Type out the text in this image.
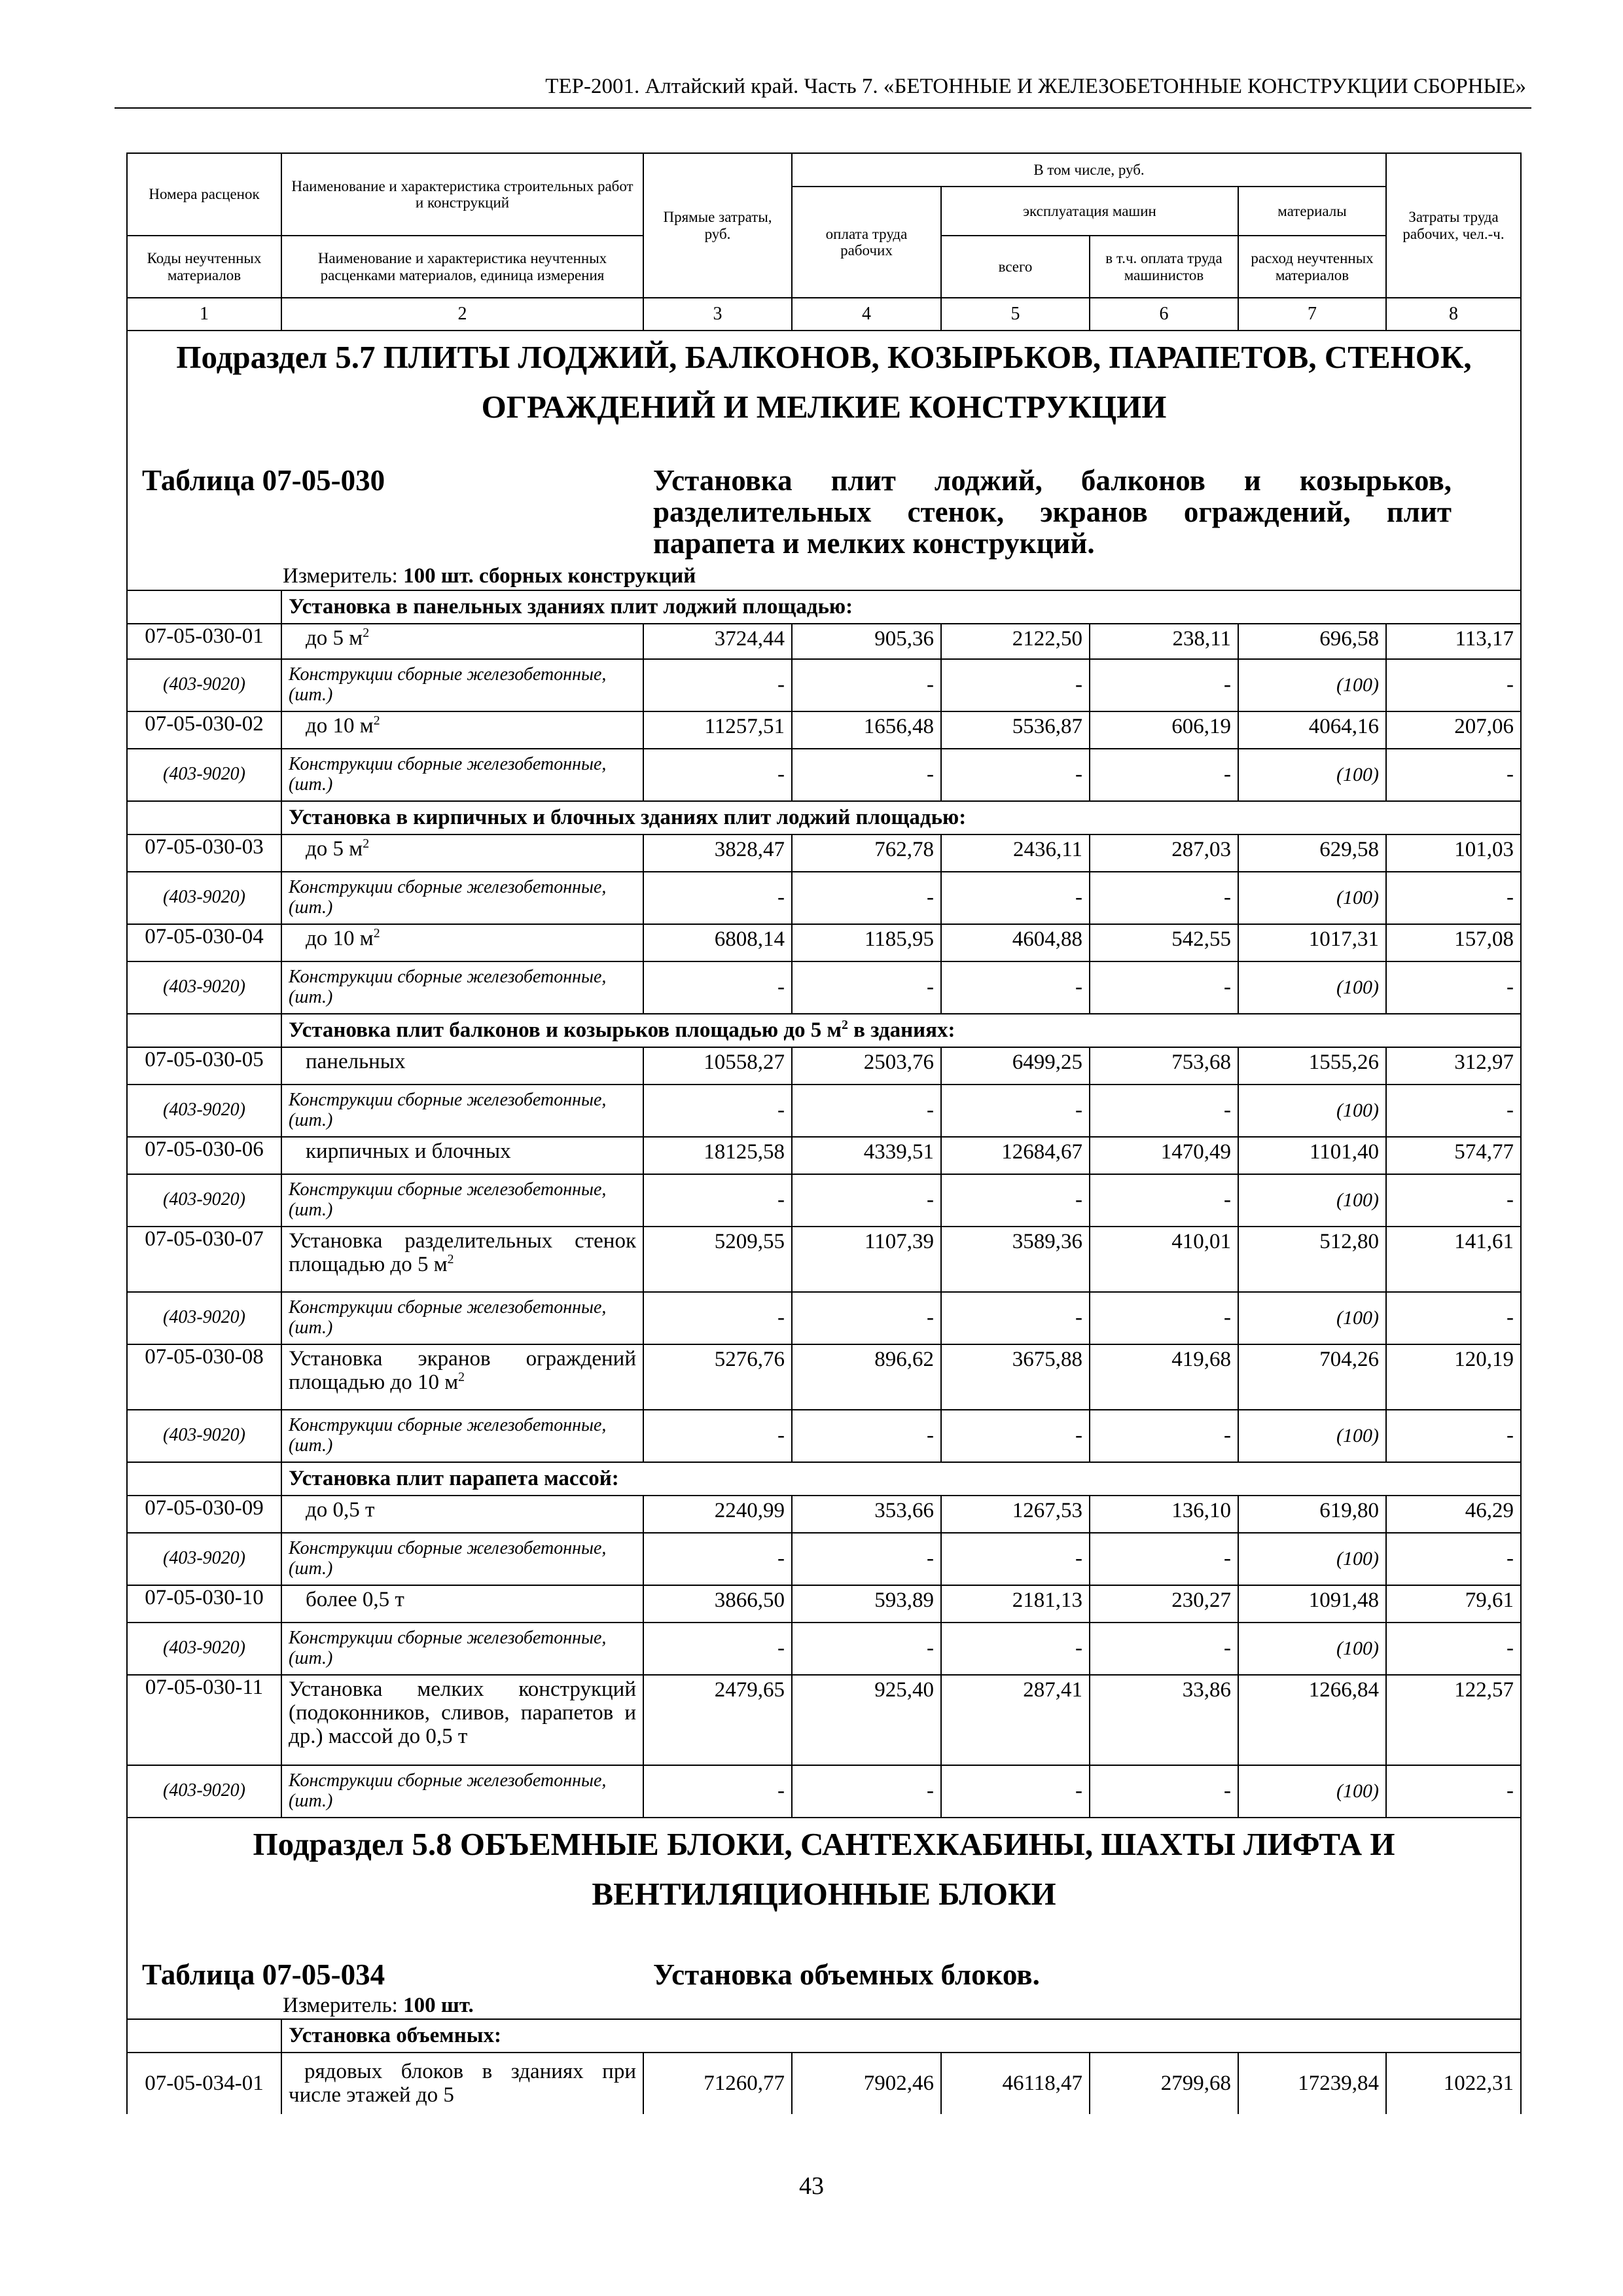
ТЕР-2001. Алтайский край. Часть 7. «БЕТОННЫЕ И ЖЕЛЕЗОБЕТОННЫЕ КОНСТРУКЦИИ СБОРНЫЕ»
Номера расценок	Наименование и характеристика строительных работ и конструкций	Прямые затраты, руб.	В том числе, руб.				Затраты труда рабочих, чел.-ч.
			оплата труда рабочих	эксплуатация машин		материалы	
Коды неучтенных материалов	Наименование и характеристика неучтенных расценками материалов, единица измерения			всего	в т.ч. оплата труда машинистов	расход неучтенных материалов	
1	2	3	4	5	6	7	8

Подраздел 5.7 ПЛИТЫ ЛОДЖИЙ, БАЛКОНОВ, КОЗЫРЬКОВ, ПАРАПЕТОВ, СТЕНОК,
ОГРАЖДЕНИЙ И МЕЛКИЕ КОНСТРУКЦИИ
Таблица 07-05-030 Установка плит лоджий, балконов и козырьков, разделительных стенок, экранов ограждений, плит парапета и мелких конструкций.
Измеритель: 100 шт. сборных конструкций							

	Установка в панельных зданиях плит лоджий площадью:						
07-05-030-01	до 5 $м^2$	3724,44	905,36	2122,50	238,11	696,58	113,17
(403-9020)	Конструкции сборные железобетонные, (шт.)	-	-	-	-	(100)	-
07-05-030-02	до 10 $м^2$	11257,51	1656,48	5536,87	606,19	4064,16	207,06
(403-9020)	Конструкции сборные железобетонные, (шт.)	-	-	-	-	(100)	-
	Установка в кирпичных и блочных зданиях плит лоджий площадью:						
07-05-030-03	до 5 $м^2$	3828,47	762,78	2436,11	287,03	629,58	101,03
(403-9020)	Конструкции сборные железобетонные, (шт.)	-	-	-	-	(100)	-
07-05-030-04	до 10 $м^2$	6808,14	1185,95	4604,88	542,55	1017,31	157,08
(403-9020)	Конструкции сборные железобетонные, (шт.)	-	-	-	-	(100)	-
	Установка плит балконов и козырьков площадью до 5 $м^2$ в зданиях:						
07-05-030-05	панельных	10558,27	2503,76	6499,25	753,68	1555,26	312,97
(403-9020)	Конструкции сборные железобетонные, (шт.)	-	-	-	-	(100)	-
07-05-030-06	кирпичных и блочных	18125,58	4339,51	12684,67	1470,49	1101,40	574,77
(403-9020)	Конструкции сборные железобетонные, (шт.)	-	-	-	-	(100)	-
07-05-030-07	Установка разделительных стенок площадью до 5 $м^2$	5209,55	1107,39	3589,36	410,01	512,80	141,61
(403-9020)	Конструкции сборные железобетонные, (шт.)	-	-	-	-	(100)	-
07-05-030-08	Установка экранов ограждений площадью до 10 $м^2$	5276,76	896,62	3675,88	419,68	704,26	120,19
(403-9020)	Конструкции сборные железобетонные, (шт.)	-	-	-	-	(100)	-
	Установка плит парапета массой:						
07-05-030-09	до 0,5 т	2240,99	353,66	1267,53	136,10	619,80	46,29
(403-9020)	Конструкции сборные железобетонные, (шт.)	-	-	-	-	(100)	-
07-05-030-10	более 0,5 т	3866,50	593,89	2181,13	230,27	1091,48	79,61
(403-9020)	Конструкции сборные железобетонные, (шт.)	-	-	-	-	(100)	-
07-05-030-11	Установка мелких конструкций (подоконников, сливов, парапетов и др.) массой до 0,5 т	2479,65	925,40	287,41	33,86	1266,84	122,57
(403-9020)	Конструкции сборные железобетонные, (шт.)	-	-	-	-	(100)	-

Подраздел 5.8 ОБЪЕМНЫЕ БЛОКИ, САНТЕХКАБИНЫ, ШАХТЫ ЛИФТА И
ВЕНТИЛЯЦИОННЫЕ БЛОКИ
Таблица 07-05-034 Установка объемных блоков.
Измеритель: 100 шт.							

	Установка объемных:						
07-05-034-01	рядовых блоков в зданиях при числе этажей до 5	71260,77	7902,46	46118,47	2799,68	17239,84	1022,31
43
